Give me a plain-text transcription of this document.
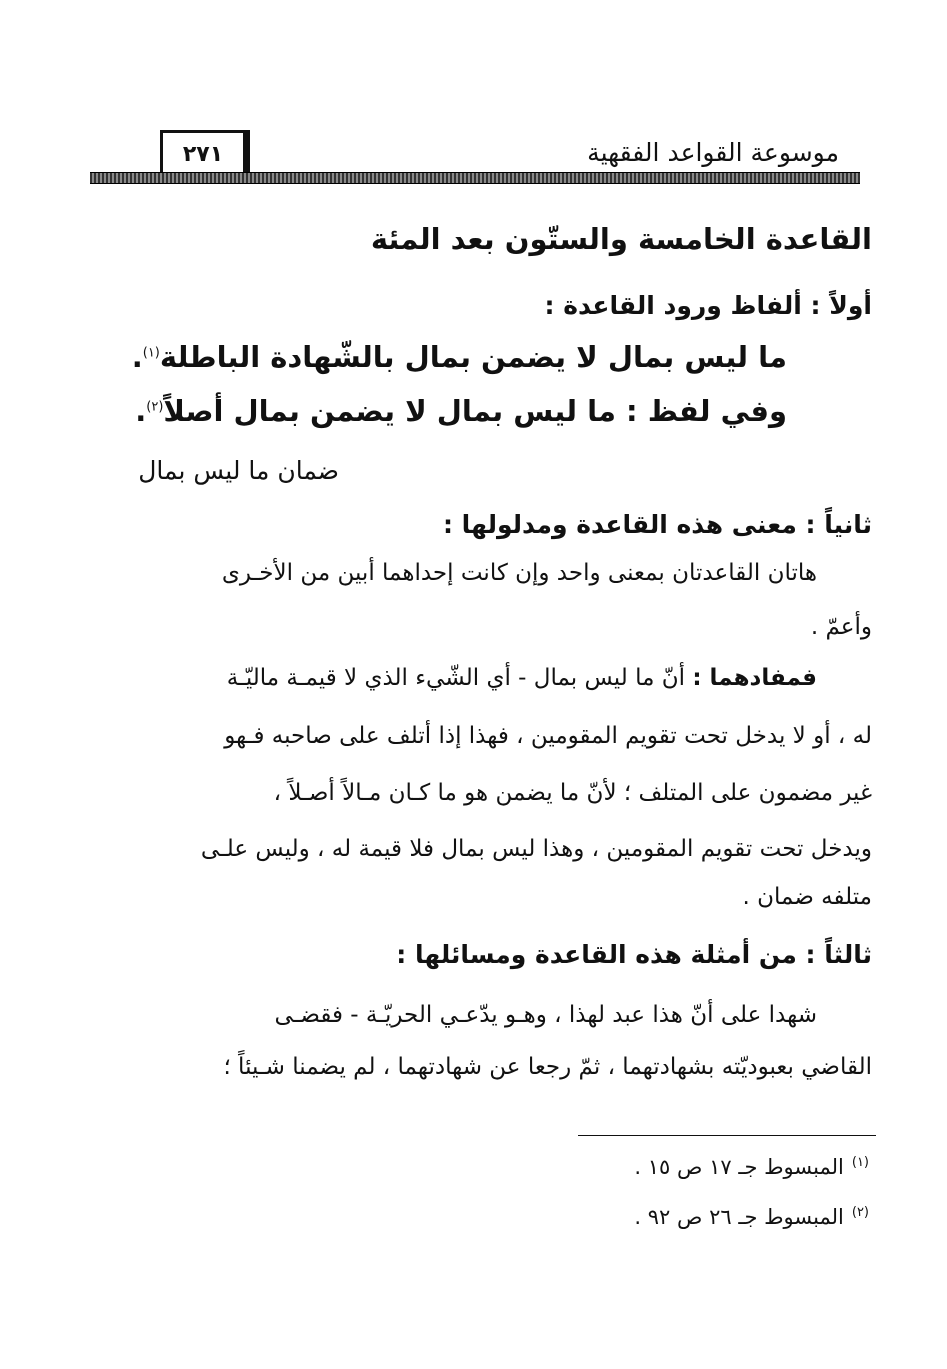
موسوعة القواعد الفقهية
٢٧١
القاعدة الخامسة والستّون بعد المئة
أولاً : ألفاظ ورود القاعدة :
ما ليس بمال لا يضمن بمال بالشّهادة الباطلة$^{(١)}$.
وفي لفظ : ما ليس بمال لا يضمن بمال أصلاً$^{(٢)}$.
ضمان ما ليس بمال
ثانياً : معنى هذه القاعدة ومدلولها :
هاتان القاعدتان بمعنى واحد وإن كانت إحداهما أبين من الأخـرى
وأعمّ .
فمفادهما : أنّ ما ليس بمال - أي الشّيء الذي لا قيمـة ماليّـة
له ، أو لا يدخل تحت تقويم المقومين ، فهذا إذا أتلف على صاحبه فـهو
غير مضمون على المتلف ؛ لأنّ ما يضمن هو ما كـان مـالاً أصـلاً ،
ويدخل تحت تقويم المقومين ، وهذا ليس بمال فلا قيمة له ، وليس علـى
متلفه ضمان .
ثالثاً : من أمثلة هذه القاعدة ومسائلها :
شهدا على أنّ هذا عبد لهذا ، وهـو يدّعـي الحريّـة - فقضـى
القاضي بعبوديّته بشهادتهما ، ثمّ رجعا عن شهادتهما ، لم يضمنا شـيئاً ؛
$^{(١)}$المبسوط جـ ١٧ ص ١٥ .
$^{(٢)}$المبسوط جـ ٢٦ ص ٩٢ .
